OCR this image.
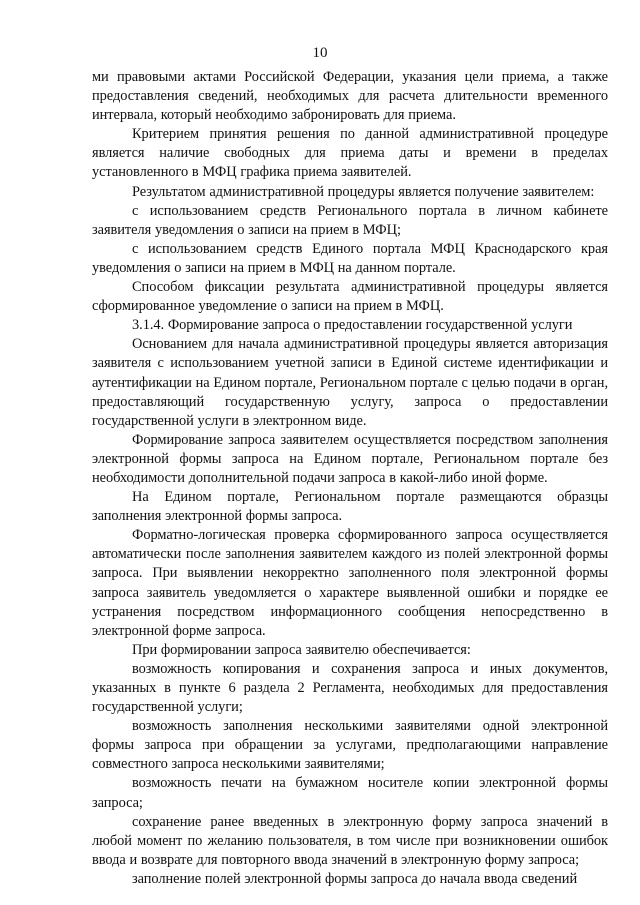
10

ми правовыми актами Российской Федерации, указания цели приема, а также предоставления сведений, необходимых для расчета длительности временного интервала, который необходимо забронировать для приема.

Критерием принятия решения по данной административной процедуре является наличие свободных для приема даты и времени в пределах установленного в МФЦ графика приема заявителей.

Результатом административной процедуры является получение заявителем:

с использованием средств Регионального портала в личном кабинете заявителя уведомления о записи на прием в МФЦ;

с использованием средств Единого портала МФЦ Краснодарского края уведомления о записи на прием в МФЦ на данном портале.

Способом фиксации результата административной процедуры является сформированное уведомление о записи на прием в МФЦ.

3.1.4. Формирование запроса о предоставлении государственной услуги

Основанием для начала административной процедуры является авторизация заявителя с использованием учетной записи в Единой системе идентификации и аутентификации на Едином портале, Региональном портале с целью подачи в орган, предоставляющий государственную услугу, запроса о предоставлении государственной услуги в электронном виде.

Формирование запроса заявителем осуществляется посредством заполнения электронной формы запроса на Едином портале, Региональном портале без необходимости дополнительной подачи запроса в какой-либо иной форме.

На Едином портале, Региональном портале размещаются образцы заполнения электронной формы запроса.

Форматно-логическая проверка сформированного запроса осуществляется автоматически после заполнения заявителем каждого из полей электронной формы запроса. При выявлении некорректно заполненного поля электронной формы запроса заявитель уведомляется о характере выявленной ошибки и порядке ее устранения посредством информационного сообщения непосредственно в электронной форме запроса.

При формировании запроса заявителю обеспечивается:

возможность копирования и сохранения запроса и иных документов, указанных в пункте 6 раздела 2 Регламента, необходимых для предоставления государственной услуги;

возможность заполнения несколькими заявителями одной электронной формы запроса при обращении за услугами, предполагающими направление совместного запроса несколькими заявителями;

возможность печати на бумажном носителе копии электронной формы запроса;

сохранение ранее введенных в электронную форму запроса значений в любой момент по желанию пользователя, в том числе при возникновении ошибок ввода и возврате для повторного ввода значений в электронную форму запроса;

заполнение полей электронной формы запроса до начала ввода сведений
